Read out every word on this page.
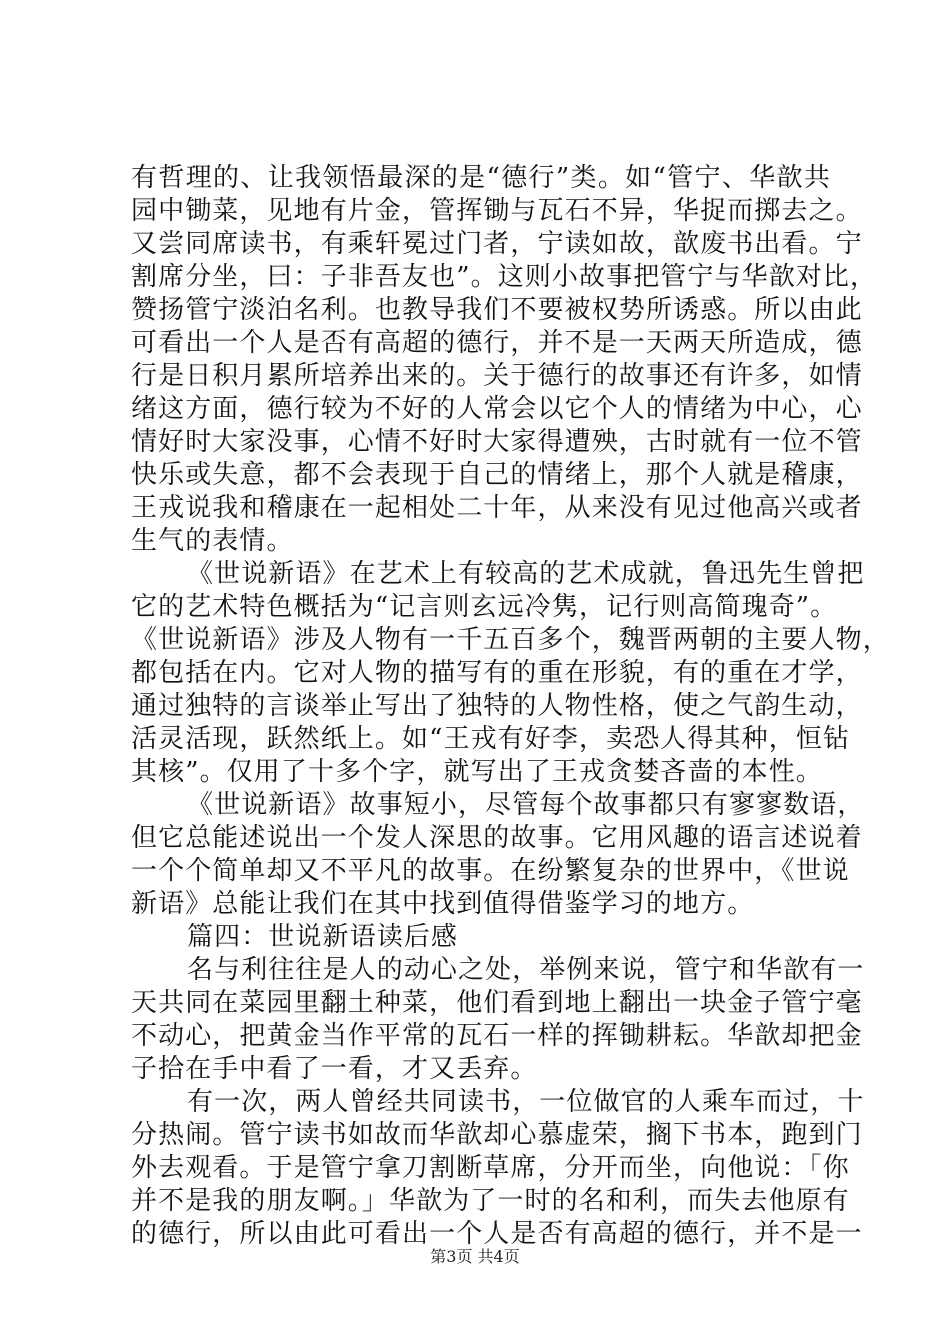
有哲理的、让我领悟最深的是“德行”类。如“管宁、华歆共
园中锄菜，见地有片金，管挥锄与瓦石不异，华捉而掷去之。
又尝同席读书，有乘轩冕过门者，宁读如故，歆废书出看。宁
割席分坐，曰：子非吾友也”。这则小故事把管宁与华歆对比，
赞扬管宁淡泊名利。也教导我们不要被权势所诱惑。所以由此
可看出一个人是否有高超的德行，并不是一天两天所造成，德
行是日积月累所培养出来的。关于德行的故事还有许多，如情
绪这方面，德行较为不好的人常会以它个人的情绪为中心，心
情好时大家没事，心情不好时大家得遭殃，古时就有一位不管
快乐或失意，都不会表现于自己的情绪上，那个人就是稽康，
王戎说我和稽康在一起相处二十年，从来没有见过他高兴或者
生气的表情。
《世说新语》在艺术上有较高的艺术成就，鲁迅先生曾把
它的艺术特色概括为“记言则玄远冷隽，记行则高简瑰奇”。
《世说新语》涉及人物有一千五百多个，魏晋两朝的主要人物，
都包括在内。它对人物的描写有的重在形貌，有的重在才学，
通过独特的言谈举止写出了独特的人物性格，使之气韵生动，
活灵活现，跃然纸上。如“王戎有好李，卖恐人得其种，恒钻
其核”。仅用了十多个字，就写出了王戎贪婪吝啬的本性。
《世说新语》故事短小，尽管每个故事都只有寥寥数语，
但它总能述说出一个发人深思的故事。它用风趣的语言述说着
一个个简单却又不平凡的故事。在纷繁复杂的世界中，《世说
新语》总能让我们在其中找到值得借鉴学习的地方。
篇四：世说新语读后感
名与利往往是人的动心之处，举例来说，管宁和华歆有一
天共同在菜园里翻土种菜，他们看到地上翻出一块金子管宁毫
不动心，把黄金当作平常的瓦石一样的挥锄耕耘。华歆却把金
子拾在手中看了一看，才又丢弃。
有一次，两人曾经共同读书，一位做官的人乘车而过，十
分热闹。管宁读书如故而华歆却心慕虚荣，搁下书本，跑到门
外去观看。于是管宁拿刀割断草席，分开而坐，向他说：「你
并不是我的朋友啊。」华歆为了一时的名和利，而失去他原有
的德行，所以由此可看出一个人是否有高超的德行，并不是一
第3页 共4页
